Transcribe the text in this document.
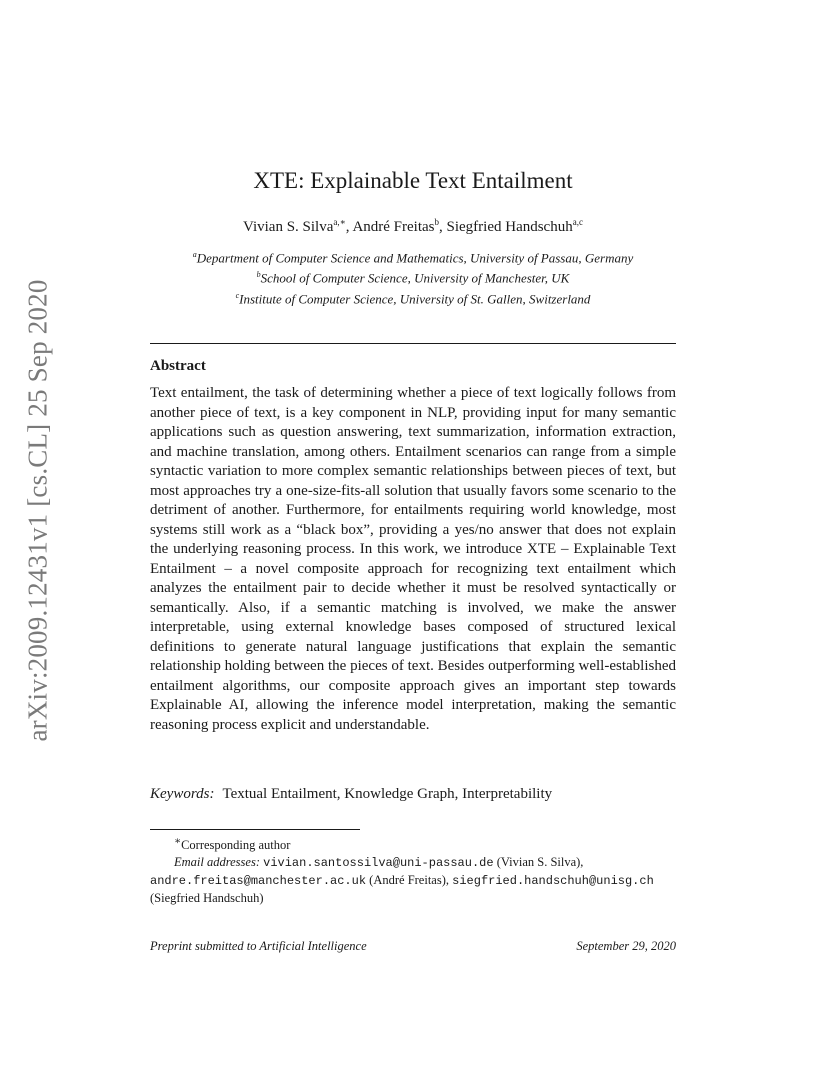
arXiv:2009.12431v1 [cs.CL] 25 Sep 2020
XTE: Explainable Text Entailment
Vivian S. Silva$^{a,∗}$, André Freitas$^b$, Siegfried Handschuh$^{a,c}$
$^a$Department of Computer Science and Mathematics, University of Passau, Germany
$^b$School of Computer Science, University of Manchester, UK
$^c$Institute of Computer Science, University of St. Gallen, Switzerland
Abstract
Text entailment, the task of determining whether a piece of text logically follows from another piece of text, is a key component in NLP, providing input for many semantic applications such as question answering, text summarization, information extraction, and machine translation, among others. Entailment scenarios can range from a simple syntactic variation to more complex semantic relationships between pieces of text, but most approaches try a one-size-fits-all solution that usually favors some scenario to the detriment of another. Furthermore, for entailments requiring world knowledge, most systems still work as a “black box”, providing a yes/no answer that does not explain the underlying reasoning process. In this work, we introduce XTE – Explainable Text Entailment – a novel composite approach for recognizing text entailment which analyzes the entailment pair to decide whether it must be resolved syntactically or semantically. Also, if a semantic matching is involved, we make the answer interpretable, using external knowledge bases composed of structured lexical definitions to generate natural language justifications that explain the semantic relationship holding between the pieces of text. Besides outperforming well-established entailment algorithms, our composite approach gives an important step towards Explainable AI, allowing the inference model interpretation, making the semantic reasoning process explicit and understandable.
Keywords: Textual Entailment, Knowledge Graph, Interpretability
∗Corresponding author
Email addresses: vivian.santossilva@uni-passau.de (Vivian S. Silva),
andre.freitas@manchester.ac.uk (André Freitas), siegfried.handschuh@unisg.ch
(Siegfried Handschuh)
Preprint submitted to Artificial Intelligence	September 29, 2020
